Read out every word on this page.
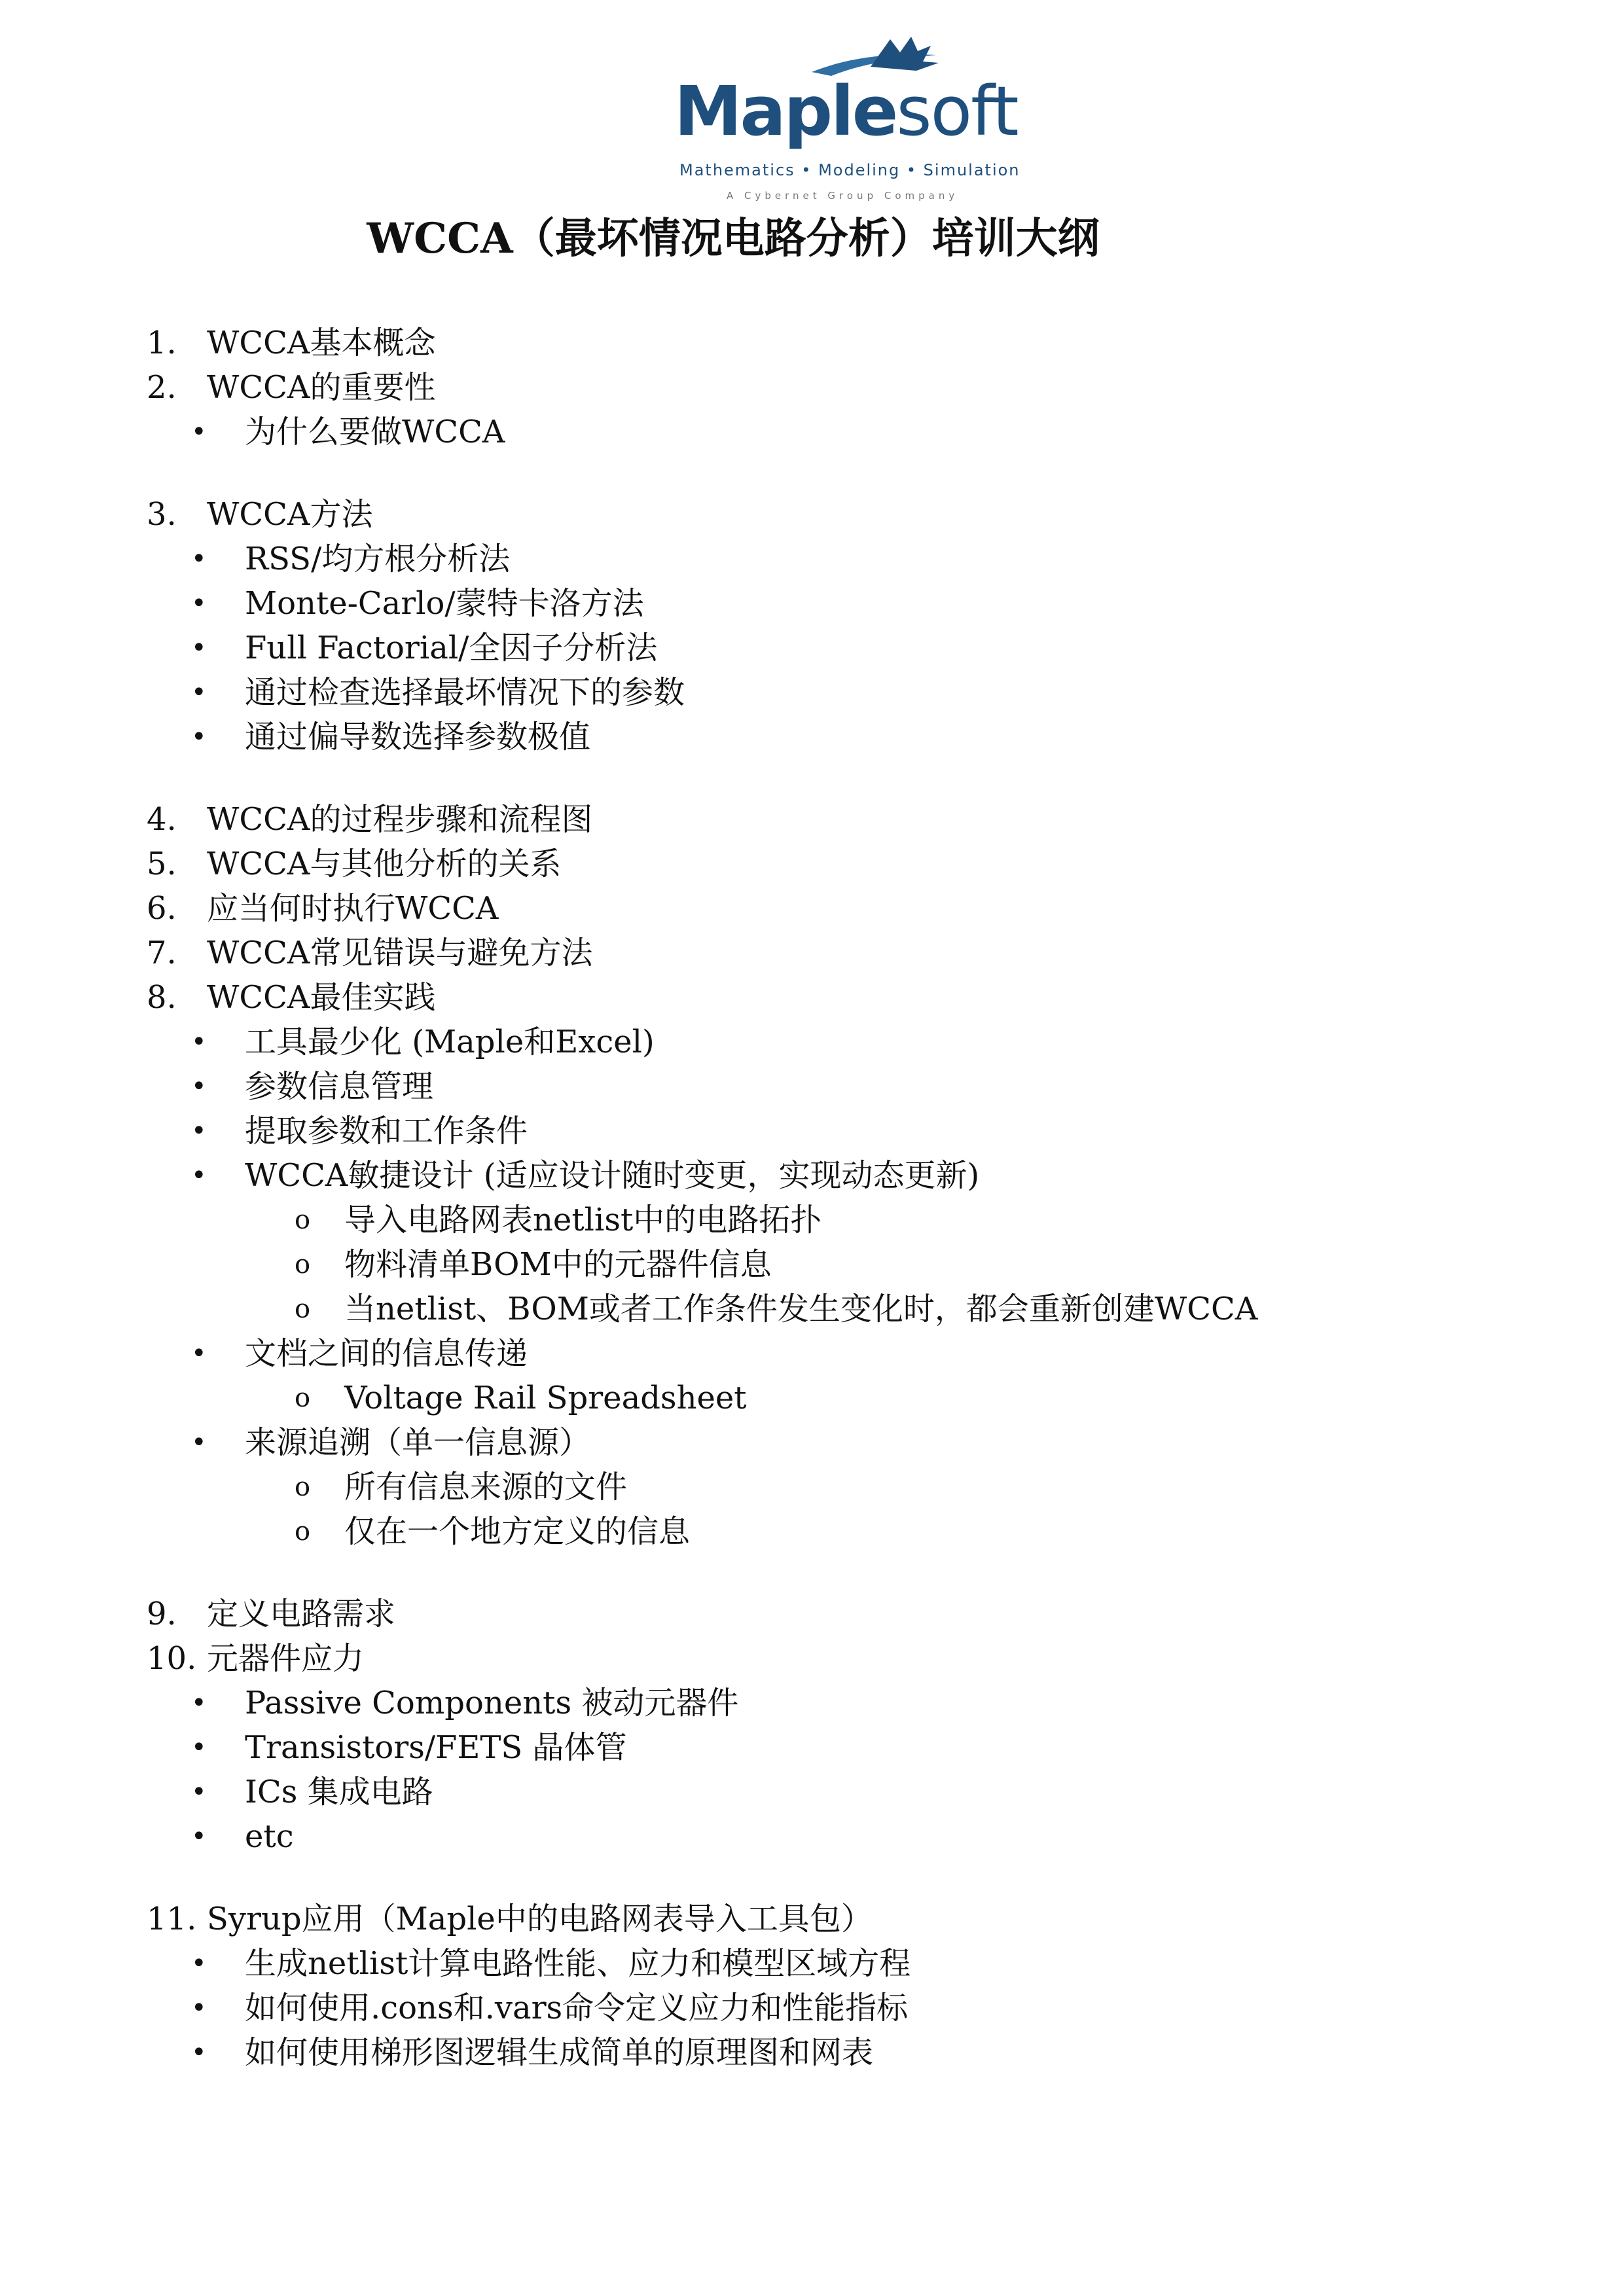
Maplesoft
Mathematics • Modeling • Simulation
A Cybernet Group Company
WCCA（最坏情况电路分析）培训大纲
1. WCCA基本概念
2. WCCA的重要性
• 为什么要做WCCA
3. WCCA方法
• RSS/均方根分析法
• Monte-Carlo/蒙特卡洛方法
• Full Factorial/全因子分析法
• 通过检查选择最坏情况下的参数
• 通过偏导数选择参数极值
4. WCCA的过程步骤和流程图
5. WCCA与其他分析的关系
6. 应当何时执行WCCA
7. WCCA常见错误与避免方法
8. WCCA最佳实践
• 工具最少化 (Maple和Excel)
• 参数信息管理
• 提取参数和工作条件
• WCCA敏捷设计 (适应设计随时变更，实现动态更新)
o 导入电路网表netlist中的电路拓扑
o 物料清单BOM中的元器件信息
o 当netlist、BOM或者工作条件发生变化时，都会重新创建WCCA
• 文档之间的信息传递
o Voltage Rail Spreadsheet
• 来源追溯（单一信息源）
o 所有信息来源的文件
o 仅在一个地方定义的信息
9. 定义电路需求
10. 元器件应力
• Passive Components 被动元器件
• Transistors/FETS 晶体管
• ICs 集成电路
• etc
11. Syrup应用（Maple中的电路网表导入工具包）
• 生成netlist计算电路性能、应力和模型区域方程
• 如何使用.cons和.vars命令定义应力和性能指标
• 如何使用梯形图逻辑生成简单的原理图和网表
